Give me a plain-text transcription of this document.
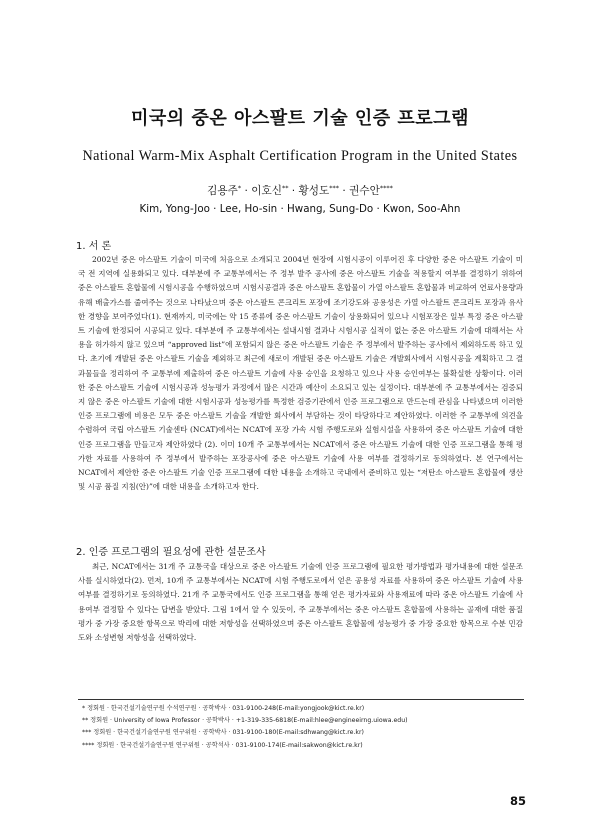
미국의 중온 아스팔트 기술 인증 프로그램
National Warm-Mix Asphalt Certification Program in the United States
김용주* · 이호신** · 황성도*** · 권수안****
Kim, Yong-Joo · Lee, Ho-sin · Hwang, Sung-Do · Kwon, Soo-Ahn
1. 서 론

2002년 중온 아스팔트 기술이 미국에 처음으로 소개되고 2004년 현장에 시험시공이 이루어진 후 다양한 중온 아스팔트 기술이 미국 전 지역에 실용화되고 있다. 대부분에 주 교통부에서는 주 정부 발주 공사에 중온 아스팔트 기술을 적용할지 여부를 결정하기 위하여 중온 아스팔트 혼합물에 시험시공을 수행하였으며 시험시공결과 중온 아스팔트 혼합물이 가열 아스팔트 혼합물과 비교하여 연료사용량과 유해 배출가스를 줄여주는 것으로 나타났으며 중온 아스팔트 콘크리트 포장에 조기강도와 공용성은 가열 아스팔트 콘크리트 포장과 유사한 경향을 보여주었다(1). 현재까지, 미국에는 약 15 종류에 중온 아스팔트 기술이 상용화되어 있으나 시험포장은 일부 특정 중온 아스팔트 기술에 한정되어 시공되고 있다. 대부분에 주 교통부에서는 설내시험 결과나 시험시공 실적이 없는 중온 아스팔트 기술에 대해서는 사용을 허가하지 않고 있으며 “approved list”에 포함되지 않은 중온 아스팔트 기술은 주 정부에서 발주하는 공사에서 제외하도록 하고 있다. 초기에 개발된 중온 아스팔트 기술을 제외하고 최근에 새로이 개발된 중온 아스팔트 기술은 개발회사에서 시험시공을 계획하고 그 결과물들을 정리하여 주 교통부에 제출하여 중온 아스팔트 기술에 사용 승인을 요청하고 있으나 사용 승인여부는 불확실한 상황이다. 이러한 중온 아스팔트 기술에 시험시공과 성능평가 과정에서 많은 시간과 예산이 소요되고 있는 실정이다. 대부분에 주 교통부에서는 검증되지 않은 중온 아스팔트 기술에 대한 시험시공과 성능평가를 특정한 검증기관에서 인증 프로그램으로 만드는데 관심을 나타냈으며 이러한 인증 프로그램에 비용은 모두 중온 아스팔트 기술을 개발한 회사에서 부담하는 것이 타당하다고 제안하였다. 이러한 주 교통부에 의견을 수렴하여 국립 아스팔트 기술센타 (NCAT)에서는 NCAT에 포장 가속 시험 주행도로와 실험시설을 사용하여 중온 아스팔트 기술에 대한 인증 프로그램을 만들고자 제안하였다 (2). 이미 10개 주 교통부에서는 NCAT에서 중온 아스팔트 기술에 대한 인증 프로그램을 통해 평가한 자료를 사용하여 주 정부에서 발주하는 포장공사에 중온 아스팔트 기술에 사용 여부를 결정하기로 동의하였다. 본 연구에서는 NCAT에서 제안한 중온 아스팔트 기술 인증 프로그램에 대한 내용을 소개하고 국내에서 준비하고 있는 “저탄소 아스팔트 혼합물에 생산 및 시공 품질 지침(안)”에 대한 내용을 소개하고자 한다.

2. 인증 프로그램의 필요성에 관한 설문조사

최근, NCAT에서는 31개 주 교통국을 대상으로 중온 아스팔트 기술에 인증 프로그램에 필요한 평가방법과 평가내용에 대한 설문조사를 실시하였다(2). 먼저, 10개 주 교통부에서는 NCAT에 시험 주행도로에서 얻은 공용성 자료를 사용하여 중온 아스팔트 기술에 사용여부를 결정하기로 동의하였다. 21개 주 교통국에서도 인증 프로그램을 통해 얻은 평가자료와 사용재료에 따라 중온 아스팔트 기술에 사용여부 결정할 수 있다는 답변을 받았다. 그림 1에서 알 수 있듯이, 주 교통부에서는 중온 아스팔트 혼합물에 사용하는 골재에 대한 품질평가 중 가장 중요한 항목으로 박리에 대한 저항성을 선택하였으며 중온 아스팔트 혼합물에 성능평가 중 가장 중요한 항목으로 수분 민감도와 소성변형 저항성을 선택하였다.

* 정회원 · 한국건설기술연구원 수석연구원 · 공학박사 · 031-9100-248(E-mail:yongjook@kict.re.kr)
** 정회원 · University of Iowa Professor · 공학박사 · +1-319-335-6818(E-mail:hlee@engineeirng.uiowa.edu)
*** 정회원 · 한국건설기술연구원 연구위원 · 공학박사 · 031-9100-180(E-mail:sdhwang@kict.re.kr)
**** 정회원 · 한국건설기술연구원 연구위원 · 공학석사 · 031-9100-174(E-mail:sakwon@kict.re.kr)
85
